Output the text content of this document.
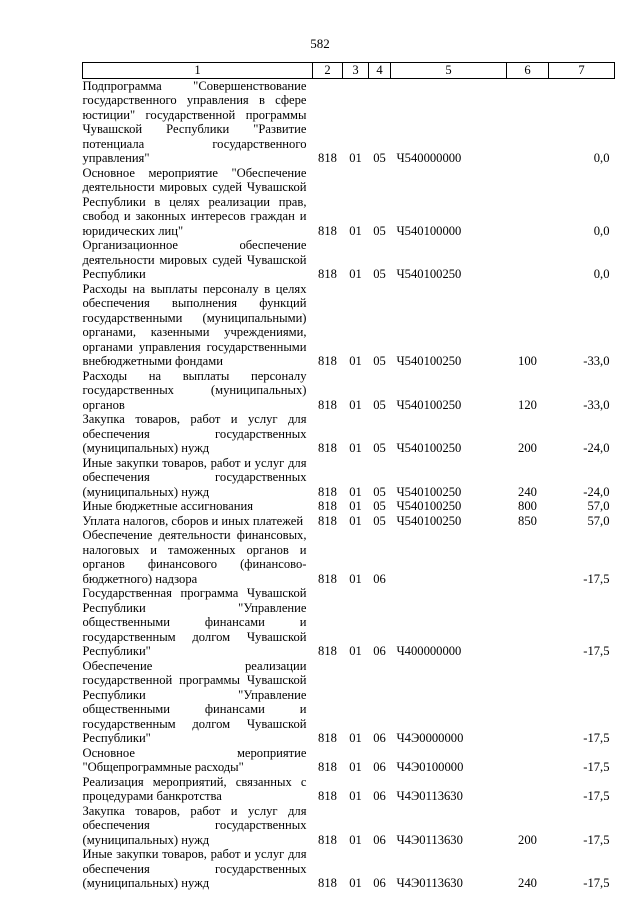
582
1	2	3	4	5	6	7
Подпрограмма "Совершенствование государственного управления в сфере юстиции" государственной программы Чувашской Республики "Развитие потенциала государственного управления"	818	01	05	Ч540000000		0,0
Основное мероприятие "Обеспечение деятельности мировых судей Чувашской Республики в целях реализации прав, свобод и законных интересов граждан и юридических лиц"	818	01	05	Ч540100000		0,0
Организационное обеспечение деятельности мировых судей Чувашской Республики	818	01	05	Ч540100250		0,0
Расходы на выплаты персоналу в целях обеспечения выполнения функций государственными (муниципальными) органами, казенными учреждениями, органами управления государственными внебюджетными фондами	818	01	05	Ч540100250	100	-33,0
Расходы на выплаты персоналу государственных (муниципальных) органов	818	01	05	Ч540100250	120	-33,0
Закупка товаров, работ и услуг для обеспечения государственных (муниципальных) нужд	818	01	05	Ч540100250	200	-24,0
Иные закупки товаров, работ и услуг для обеспечения государственных (муниципальных) нужд	818	01	05	Ч540100250	240	-24,0
Иные бюджетные ассигнования	818	01	05	Ч540100250	800	57,0
Уплата налогов, сборов и иных платежей	818	01	05	Ч540100250	850	57,0
Обеспечение деятельности финансовых, налоговых и таможенных органов и органов финансового (финансово-бюджетного) надзора	818	01	06			-17,5
Государственная программа Чувашской Республики "Управление общественными финансами и государственным долгом Чувашской Республики"	818	01	06	Ч400000000		-17,5
Обеспечение реализации государственной программы Чувашской Республики "Управление общественными финансами и государственным долгом Чувашской Республики"	818	01	06	Ч4Э0000000		-17,5
Основное мероприятие "Общепрограммные расходы"	818	01	06	Ч4Э0100000		-17,5
Реализация мероприятий, связанных с процедурами банкротства	818	01	06	Ч4Э0113630		-17,5
Закупка товаров, работ и услуг для обеспечения государственных (муниципальных) нужд	818	01	06	Ч4Э0113630	200	-17,5
Иные закупки товаров, работ и услуг для обеспечения государственных (муниципальных) нужд	818	01	06	Ч4Э0113630	240	-17,5
